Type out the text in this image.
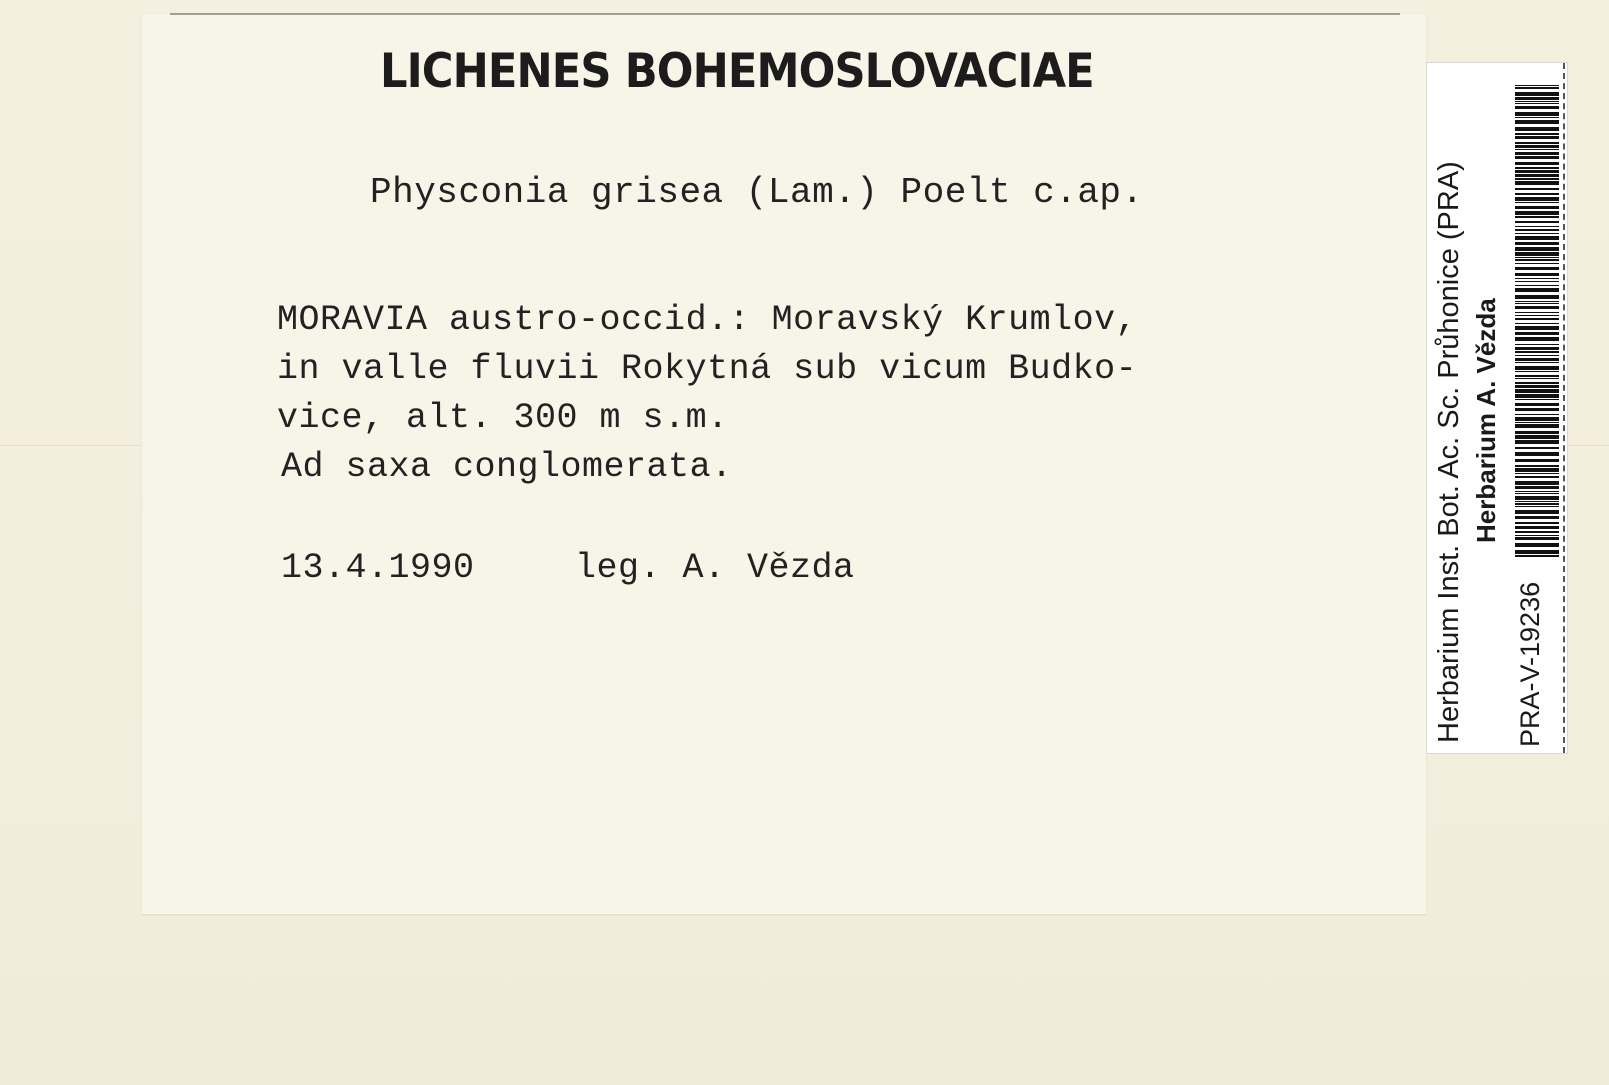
LICHENES BOHEMOSLOVACIAE
Physconia grisea (Lam.) Poelt c.ap.
MORAVIA austro-occid.: Moravský Krumlov,
in valle fluvii Rokytná sub vicum Budko-
vice, alt. 300 m s.m.
Ad saxa conglomerata.
13.4.1990	leg. A. Vězda	Herbarium Inst. Bot. Ac. Sc. Průhonice (PRA) Herbarium A. Vězda
PRA-V-19236
